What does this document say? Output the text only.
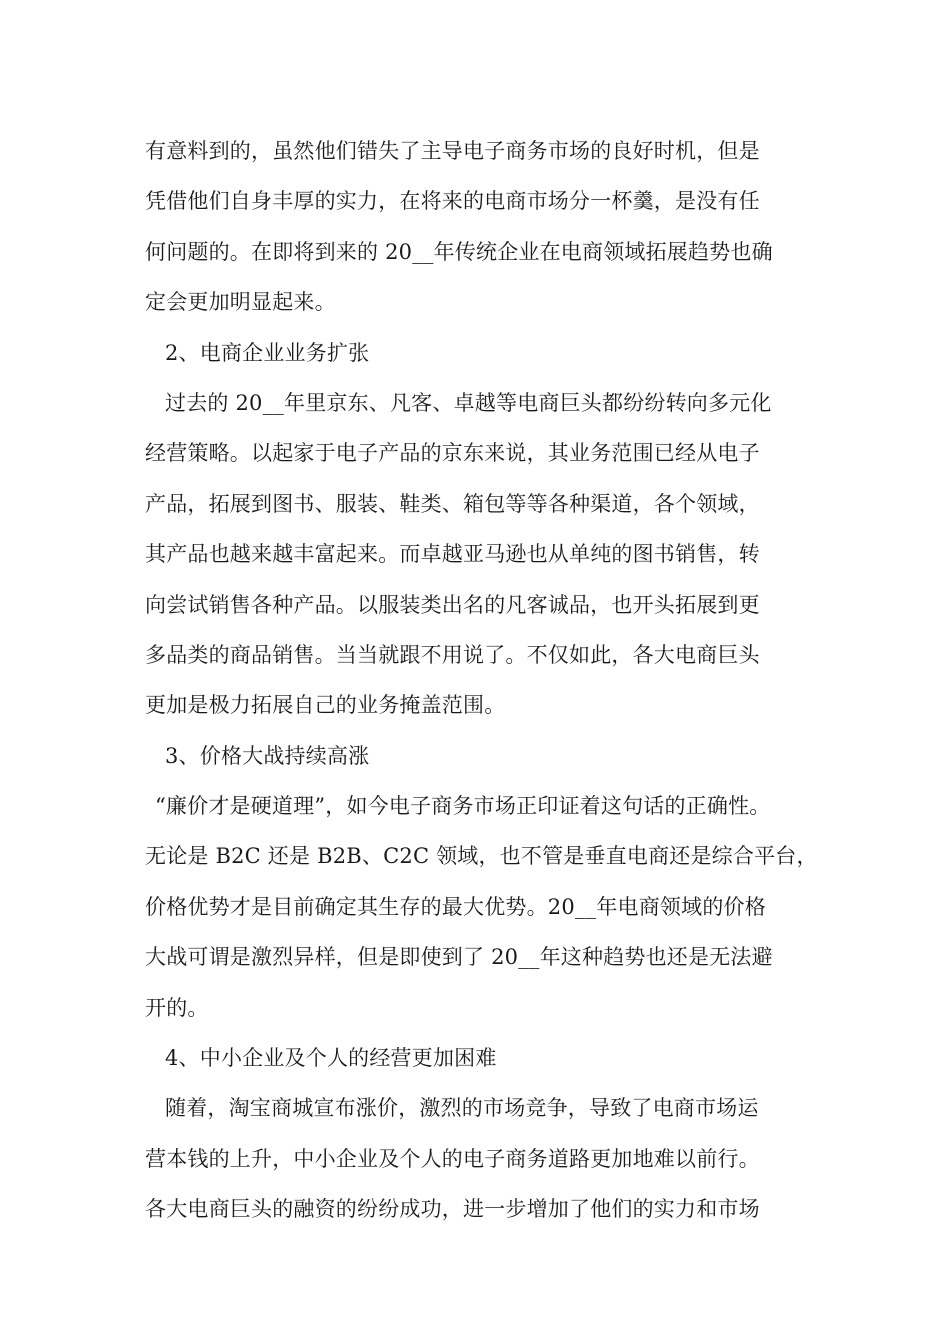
有意料到的，虽然他们错失了主导电子商务市场的良好时机，但是
凭借他们自身丰厚的实力，在将来的电商市场分一杯羹，是没有任
何问题的。在即将到来的 20__年传统企业在电商领域拓展趋势也确
定会更加明显起来。
2、电商企业业务扩张
过去的 20__年里京东、凡客、卓越等电商巨头都纷纷转向多元化
经营策略。以起家于电子产品的京东来说，其业务范围已经从电子
产品，拓展到图书、服装、鞋类、箱包等等各种渠道，各个领域，
其产品也越来越丰富起来。而卓越亚马逊也从单纯的图书销售，转
向尝试销售各种产品。以服装类出名的凡客诚品，也开头拓展到更
多品类的商品销售。当当就跟不用说了。不仅如此，各大电商巨头
更加是极力拓展自己的业务掩盖范围。
3、价格大战持续高涨
“廉价才是硬道理”，如今电子商务市场正印证着这句话的正确性。
无论是 B2C 还是 B2B、C2C 领域，也不管是垂直电商还是综合平台，
价格优势才是目前确定其生存的最大优势。20__年电商领域的价格
大战可谓是激烈异样，但是即使到了 20__年这种趋势也还是无法避
开的。
4、中小企业及个人的经营更加困难
随着，淘宝商城宣布涨价，激烈的市场竞争，导致了电商市场运
营本钱的上升，中小企业及个人的电子商务道路更加地难以前行。
各大电商巨头的融资的纷纷成功，进一步增加了他们的实力和市场
